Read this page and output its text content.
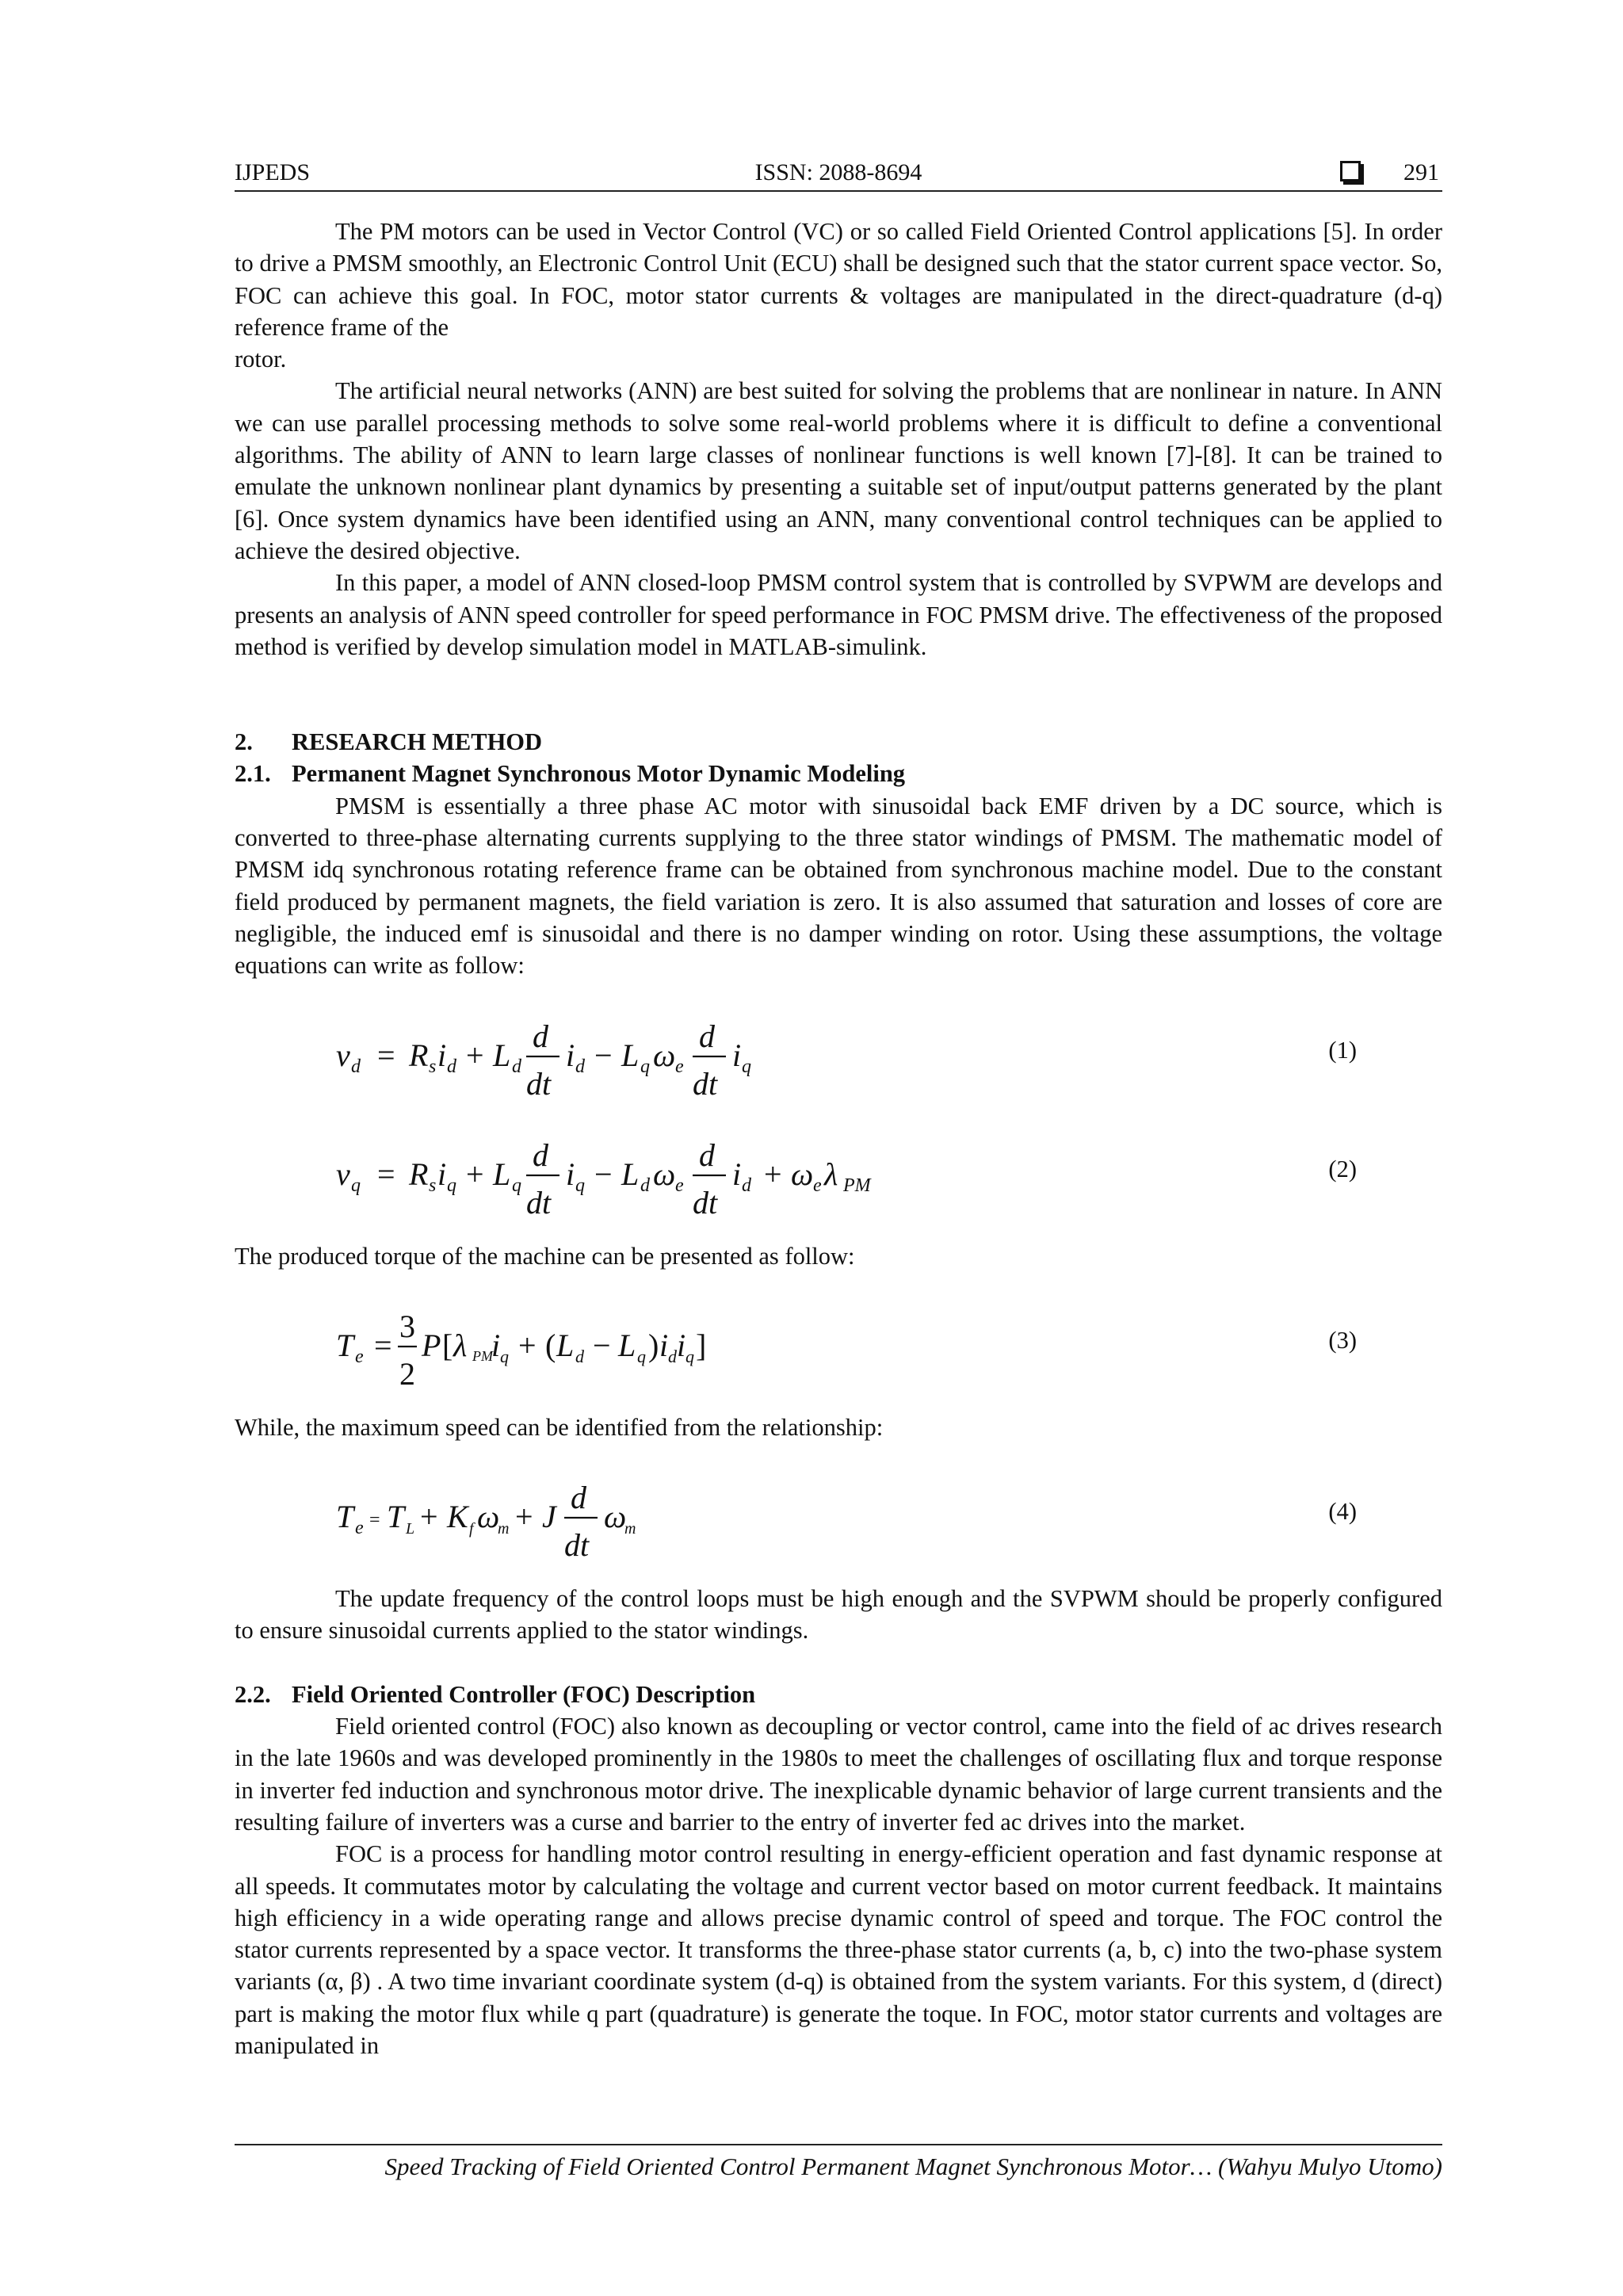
IJPEDS	ISSN: 2088-8694	291

The PM motors can be used in Vector Control (VC) or so called Field Oriented Control applications [5]. In order to drive a PMSM smoothly, an Electronic Control Unit (ECU) shall be designed such that the stator current space vector. So, FOC can achieve this goal. In FOC, motor stator currents & voltages are manipulated in the direct-quadrature (d-q) reference frame of the

rotor.

The artificial neural networks (ANN) are best suited for solving the problems that are nonlinear in nature. In ANN we can use parallel processing methods to solve some real-world problems where it is difficult to define a conventional algorithms. The ability of ANN to learn large classes of nonlinear functions is well known [7]-[8]. It can be trained to emulate the unknown nonlinear plant dynamics by presenting a suitable set of input/output patterns generated by the plant [6]. Once system dynamics have been identified using an ANN, many conventional control techniques can be applied to achieve the desired objective.

In this paper, a model of ANN closed-loop PMSM control system that is controlled by SVPWM are develops and presents an analysis of ANN speed controller for speed performance in FOC PMSM drive. The effectiveness of the proposed method is verified by develop simulation model in MATLAB-simulink.

2. RESEARCH METHOD

2.1. Permanent Magnet Synchronous Motor Dynamic Modeling

PMSM is essentially a three phase AC motor with sinusoidal back EMF driven by a DC source, which is converted to three-phase alternating currents supplying to the three stator windings of PMSM. The mathematic model of PMSM idq synchronous rotating reference frame can be obtained from synchronous machine model. Due to the constant field produced by permanent magnets, the field variation is zero. It is also assumed that saturation and losses of core are negligible, the induced emf is sinusoidal and there is no damper winding on rotor. Using these assumptions, the voltage equations can write as follow:

v d = R s i d + L d
d
dt
i d − L q ω e
d
dt
i q
(1)
v q = R s i q + L q
d
dt
i q − L d ω e
d
dt
i d + ω e λ PM
(2)

The produced torque of the machine can be presented as follow:

T e =
3
2
P [ λ PM
i q + ( L d − L q ) i d i q ]	(3)

While, the maximum speed can be identified from the relationship:

T e = T L + K f ω
m + J
d
dt
ω
m
(4)

The update frequency of the control loops must be high enough and the SVPWM should be properly configured to ensure sinusoidal currents applied to the stator windings.

2.2. Field Oriented Controller (FOC) Description

Field oriented control (FOC) also known as decoupling or vector control, came into the field of ac drives research in the late 1960s and was developed prominently in the 1980s to meet the challenges of oscillating flux and torque response in inverter fed induction and synchronous motor drive. The inexplicable dynamic behavior of large current transients and the resulting failure of inverters was a curse and barrier to the entry of inverter fed ac drives into the market.

FOC is a process for handling motor control resulting in energy-efficient operation and fast dynamic response at all speeds. It commutates motor by calculating the voltage and current vector based on motor current feedback. It maintains high efficiency in a wide operating range and allows precise dynamic control of speed and torque. The FOC control the stator currents represented by a space vector. It transforms the three-phase stator currents (a, b, c) into the two-phase system variants (α, β) . A two time invariant coordinate system (d-q) is obtained from the system variants. For this system, d (direct) part is making the motor flux while q part (quadrature) is generate the toque. In FOC, motor stator currents and voltages are manipulated in

Speed Tracking of Field Oriented Control Permanent Magnet Synchronous Motor… (Wahyu Mulyo Utomo)
